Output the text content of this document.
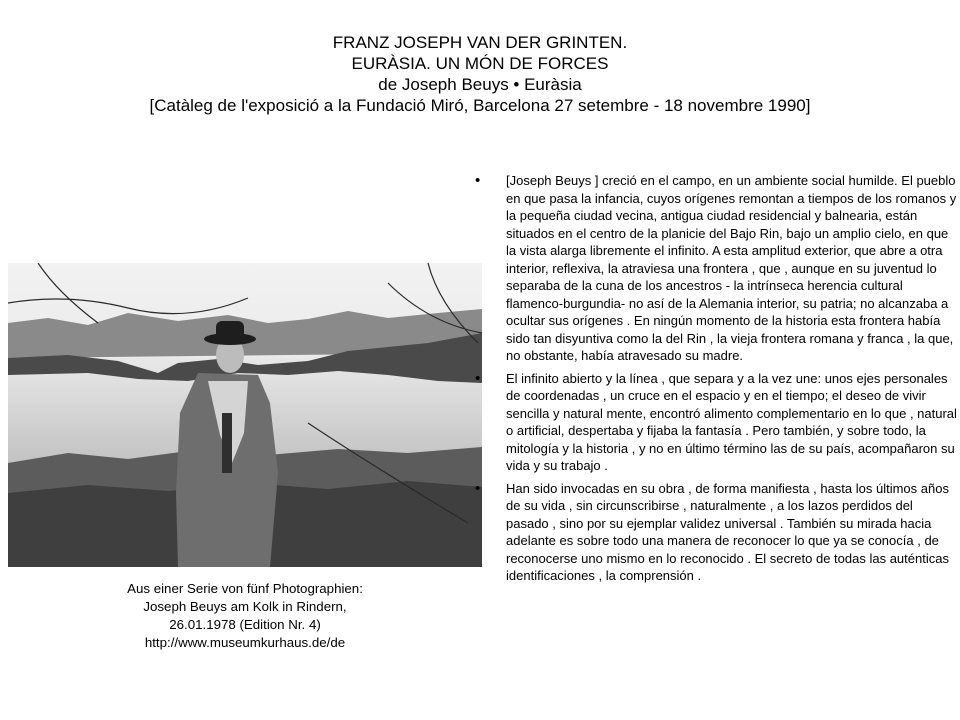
FRANZ JOSEPH VAN DER GRINTEN.
EURÀSIA. UN MÓN DE FORCES
de Joseph Beuys • Euràsia
[Catàleg de l'exposició a la Fundació Miró, Barcelona 27 setembre - 18 novembre 1990]
Aus einer Serie von fünf Photographien:
Joseph Beuys am Kolk in Rindern,
26.01.1978 (Edition Nr. 4)
http://www.museumkurhaus.de/de
• [Joseph Beuys ] creció en el campo, en un ambiente social humilde. El pueblo en que pasa la infancia, cuyos orígenes remontan a tiempos de los romanos y la pequeña ciudad vecina, antigua ciudad residencial y balnearia, están situados en el centro de la planicie del Bajo Rin, bajo un amplio cielo, en que la vista alarga libremente el infinito. A esta amplitud exterior, que abre a otra interior, reflexiva, la atraviesa una frontera , que , aunque en su juventud lo separaba de la cuna de los ancestros - la intrínseca herencia cultural flamenco-burgundia- no así de la Alemania interior, su patria; no alcanzaba a ocultar sus orígenes . En ningún momento de la historia esta frontera había sido tan disyuntiva como la del Rin , la vieja frontera romana y franca , la que, no obstante, había atravesado su madre.
• El infinito abierto y la línea , que separa y a la vez une: unos ejes personales de coordenadas , un cruce en el espacio y en el tiempo; el deseo de vivir sencilla y natural mente, encontró alimento complementario en lo que , natural o artificial, despertaba y fijaba la fantasía . Pero también, y sobre todo, la mitología y la historia , y no en último término las de su país, acompañaron su vida y su trabajo .
• Han sido invocadas en su obra , de forma manifiesta , hasta los últimos años de su vida , sin circunscribirse , naturalmente , a los lazos perdidos del pasado , sino por su ejemplar validez universal . También su mirada hacia adelante es sobre todo una manera de reconocer lo que ya se conocía , de reconocerse uno mismo en lo reconocido . El secreto de todas las auténticas identificaciones , la comprensión .
